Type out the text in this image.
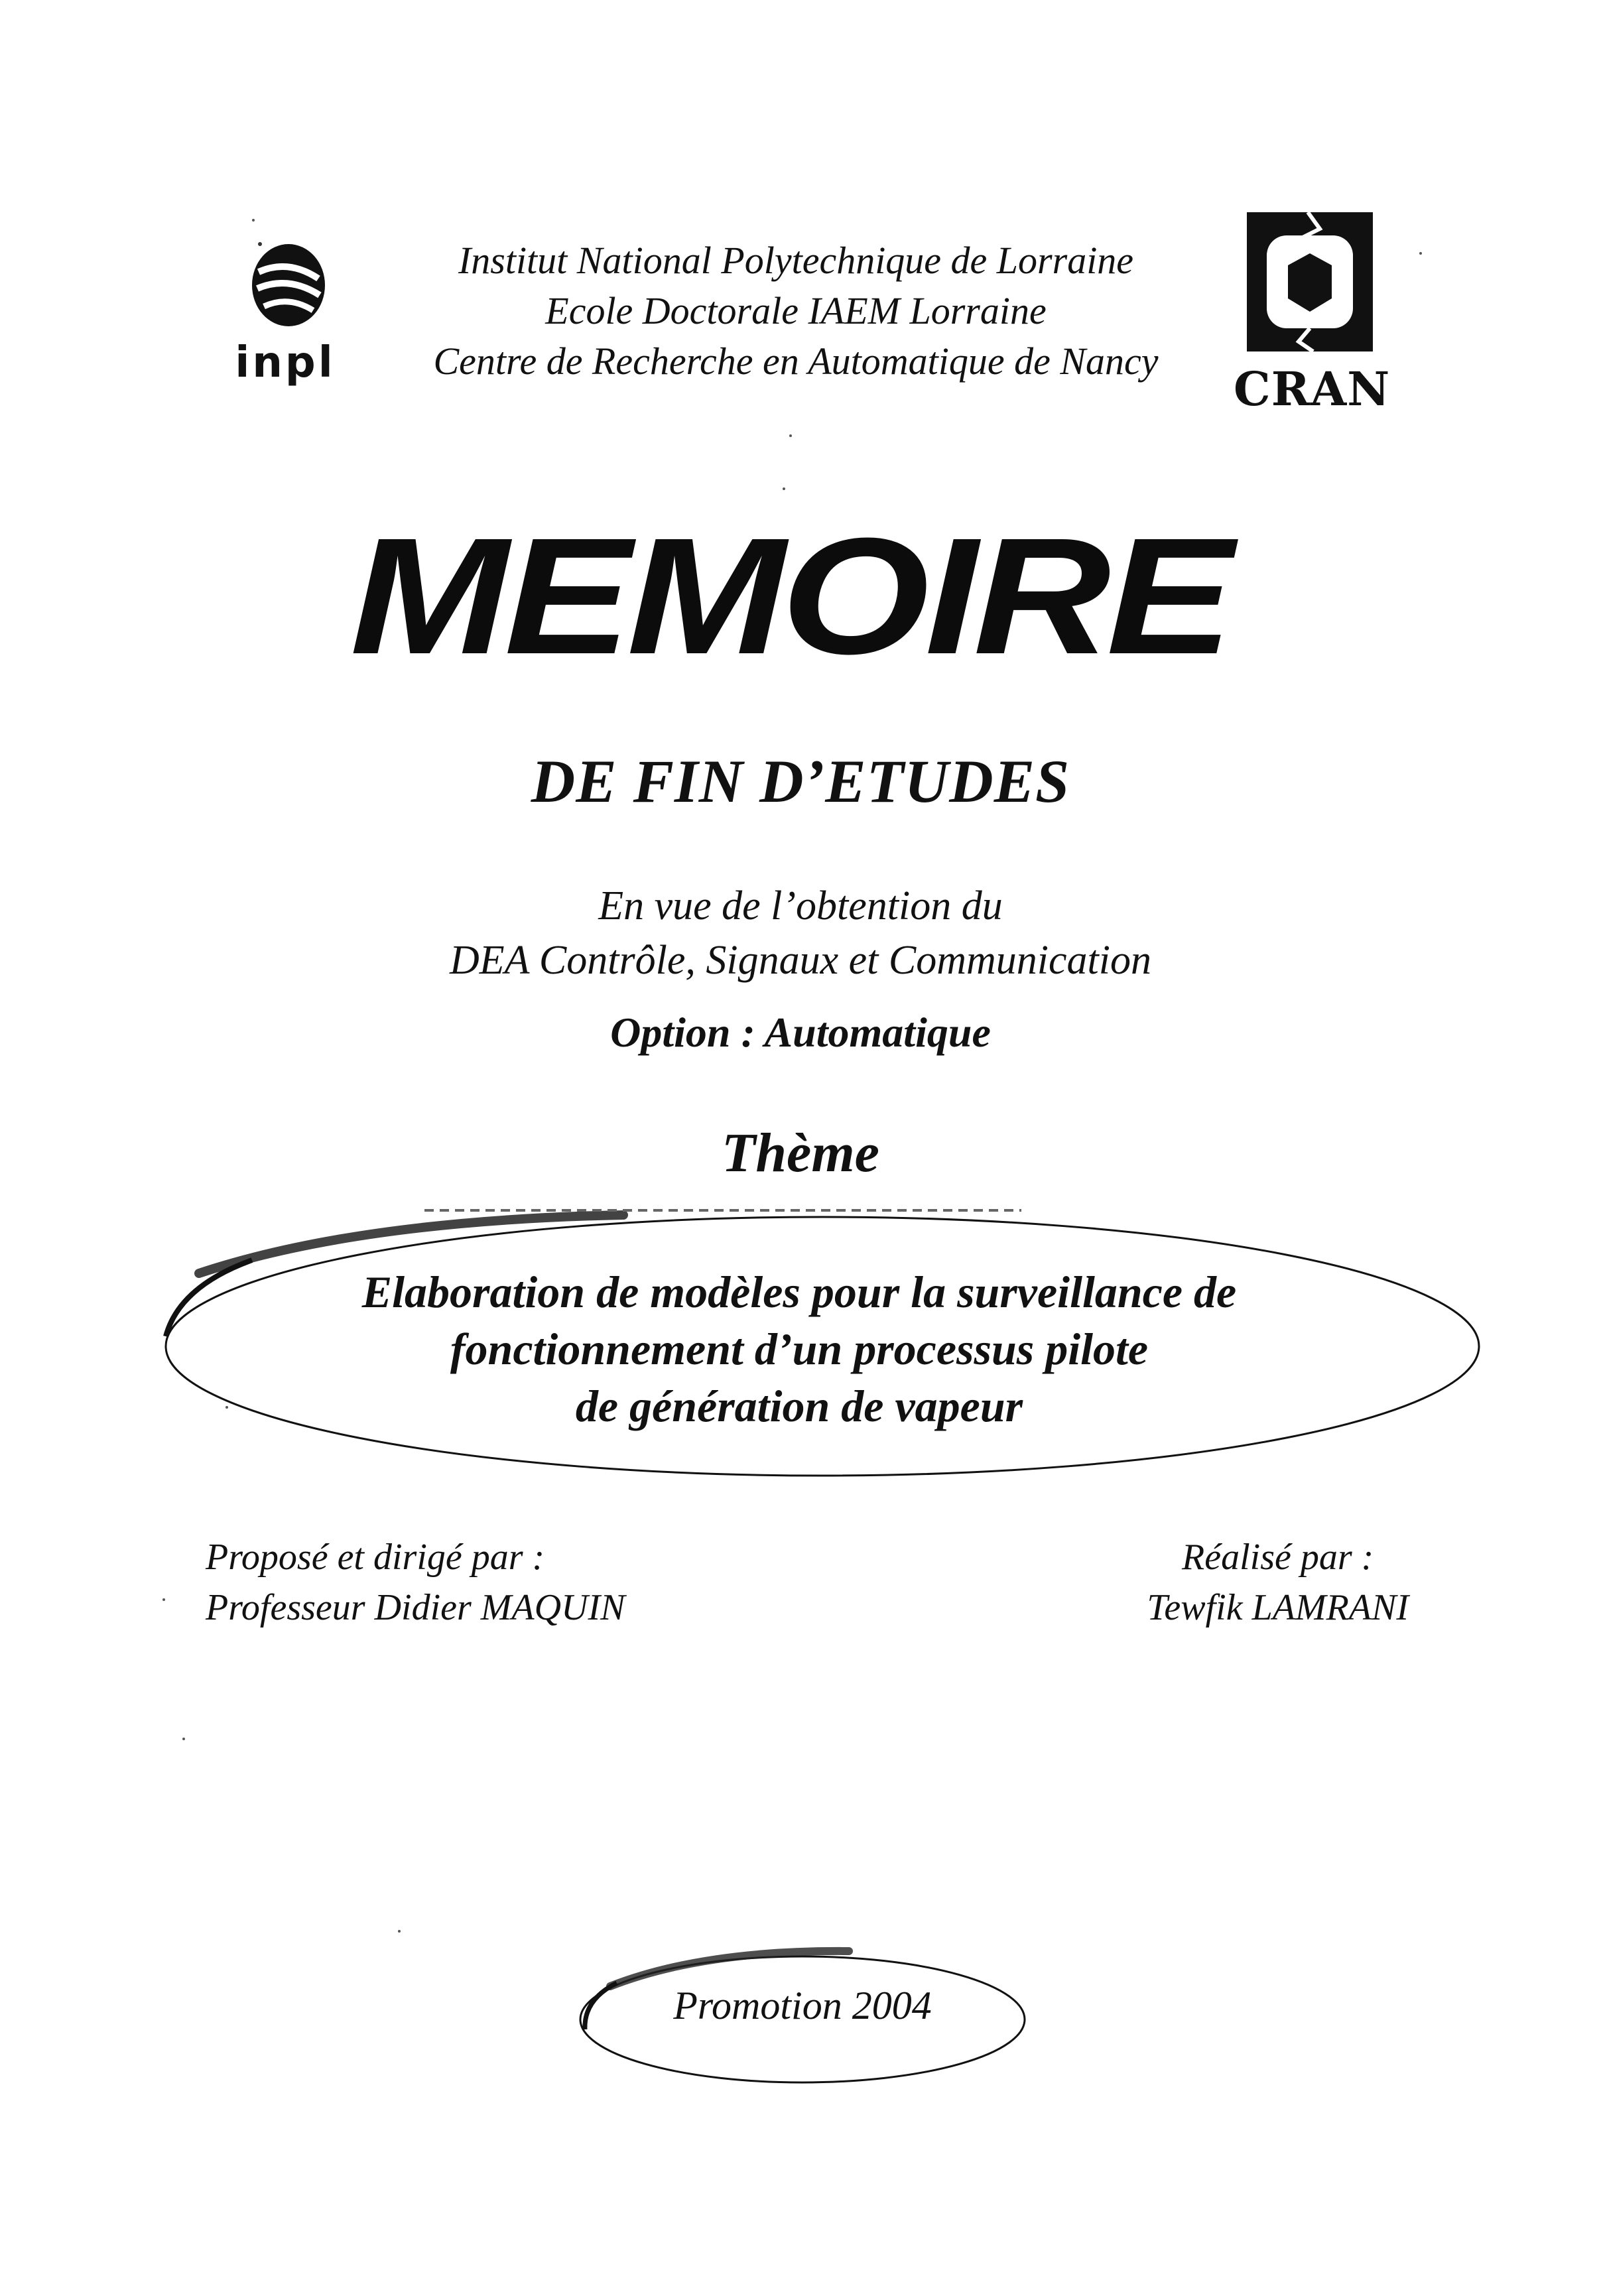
inpl
Institut National Polytechnique de Lorraine
Ecole Doctorale IAEM Lorraine
Centre de Recherche en Automatique de Nancy
CRAN
MEMOIRE
DE FIN D’ETUDES
En vue de l’obtention du
DEA Contrôle, Signaux et Communication
Option : Automatique
Thème
Elaboration de modèles pour la surveillance de
fonctionnement d’un processus pilote
de génération de vapeur
Proposé et dirigé par :
Professeur Didier MAQUIN
Réalisé par :
Tewfik LAMRANI
Promotion 2004
